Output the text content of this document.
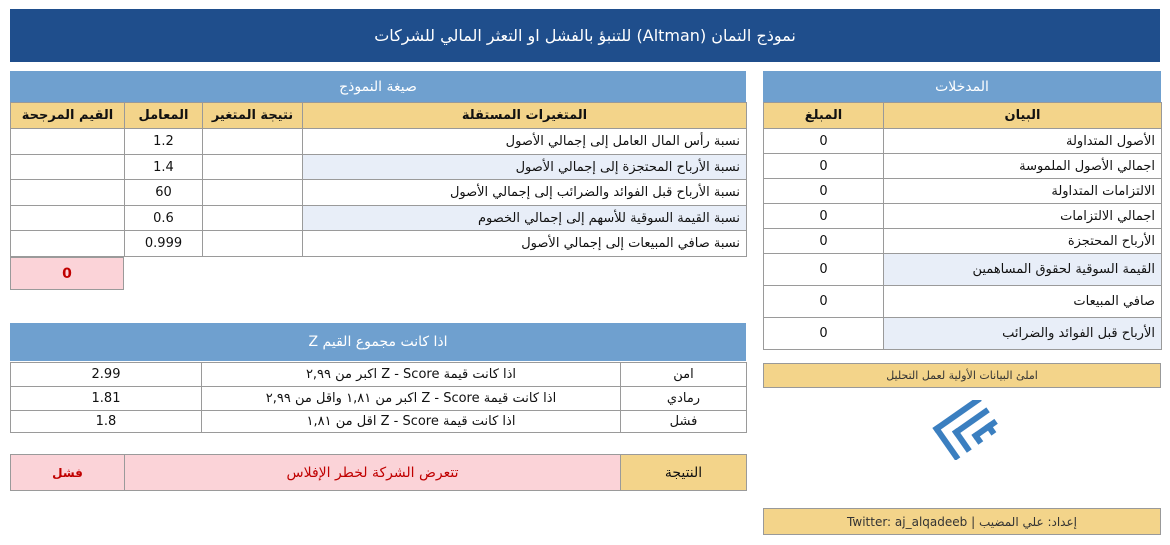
نموذج التمان (Altman) للتنبؤ بالفشل او التعثر المالي للشركات
المدخلات
المبلغ	البيان
0	الأصول المتداولة
0	اجمالي الأصول الملموسة
0	الالتزامات المتداولة
0	اجمالي الالتزامات
0	الأرباح المحتجزة
0	القيمة السوقية لحقوق المساهمين
0	صافي المبيعات
0	الأرباح قبل الفوائد والضرائب
املئ البيانات الأولية لعمل التحليل
إعداد: علي المضيب | Twitter: aj_alqadeeb
صيغة النموذج
القيم المرجحة	المعامل	نتيجة المتغير	المتغيرات المستقلة
	1.2		نسبة رأس المال العامل إلى إجمالي الأصول
	1.4		نسبة الأرباح المحتجزة إلى إجمالي الأصول
	60		نسبة الأرباح قبل الفوائد والضرائب إلى إجمالي الأصول
	0.6		نسبة القيمة السوقية للأسهم إلى إجمالي الخصوم
	0.999		نسبة صافي المبيعات إلى إجمالي الأصول
0
اذا كانت مجموع القيم Z
2.99	اذا كانت قيمة Z - Score اكبر من ٢,٩٩	امن
1.81	اذا كانت قيمة Z - Score اكبر من ١,٨١ واقل من ٢,٩٩	رمادي
1.8	اذا كانت قيمة Z - Score اقل من ١,٨١	فشل
فشل	تتعرض الشركة لخطر الإفلاس	النتيجة
